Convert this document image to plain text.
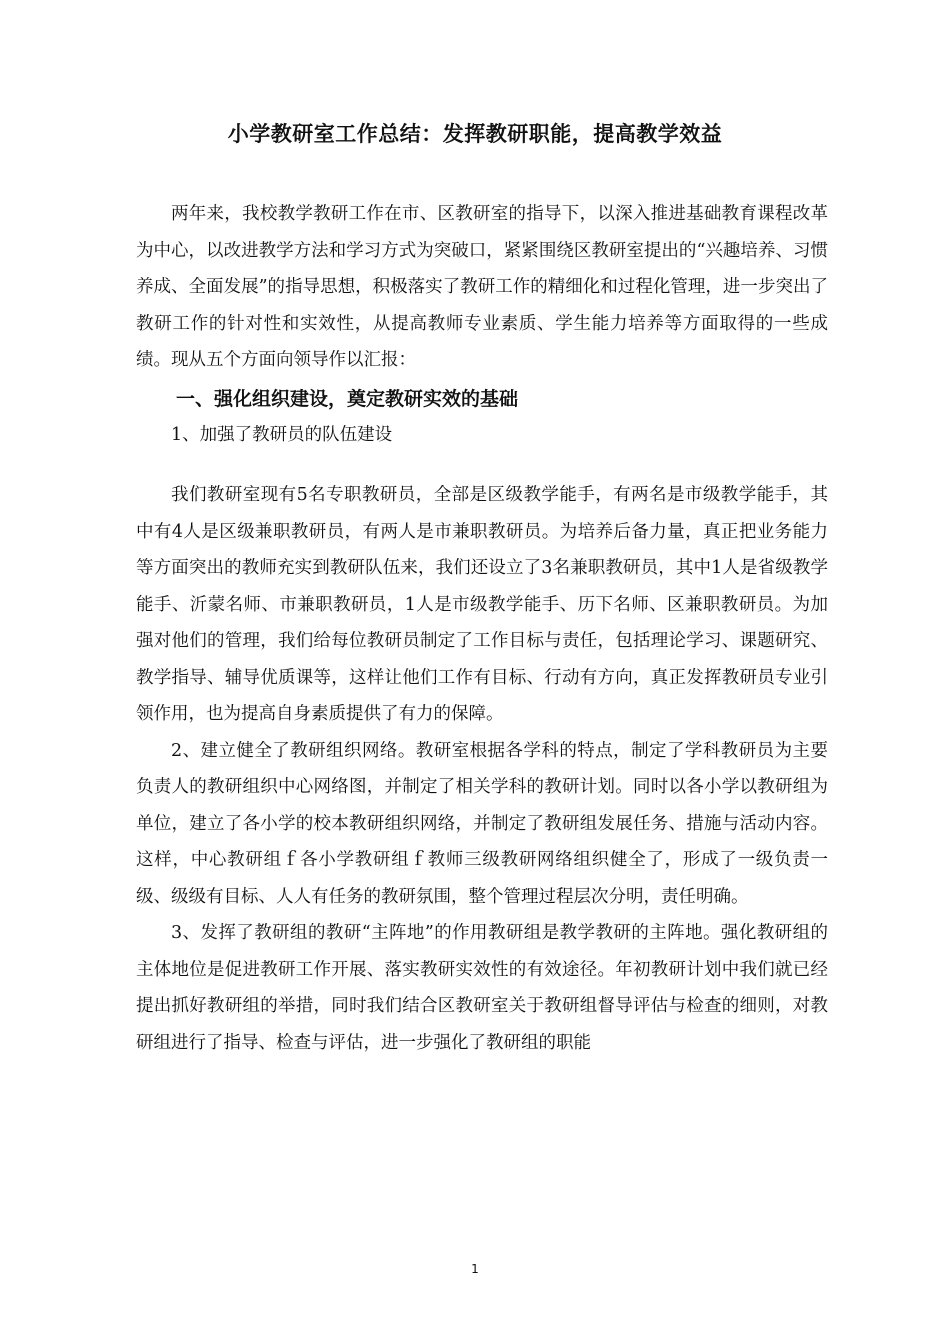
小学教研室工作总结：发挥教研职能，提高教学效益

两年来，我校教学教研工作在市、区教研室的指导下，以深入推进基础教育课程改革为中心，以改进教学方法和学习方式为突破口，紧紧围绕区教研室提出的“兴趣培养、习惯养成、全面发展”的指导思想，积极落实了教研工作的精细化和过程化管理，进一步突出了教研工作的针对性和实效性，从提高教师专业素质、学生能力培养等方面取得的一些成绩。现从五个方面向领导作以汇报：

一、强化组织建设，奠定教研实效的基础

1、加强了教研员的队伍建设

我们教研室现有5名专职教研员，全部是区级教学能手，有两名是市级教学能手，其中有4人是区级兼职教研员，有两人是市兼职教研员。为培养后备力量，真正把业务能力等方面突出的教师充实到教研队伍来，我们还设立了3名兼职教研员，其中1人是省级教学能手、沂蒙名师、市兼职教研员，1人是市级教学能手、历下名师、区兼职教研员。为加强对他们的管理，我们给每位教研员制定了工作目标与责任，包括理论学习、课题研究、教学指导、辅导优质课等，这样让他们工作有目标、行动有方向，真正发挥教研员专业引领作用，也为提高自身素质提供了有力的保障。

2、建立健全了教研组织网络。教研室根据各学科的特点，制定了学科教研员为主要负责人的教研组织中心网络图，并制定了相关学科的教研计划。同时以各小学以教研组为单位，建立了各小学的校本教研组织网络，并制定了教研组发展任务、措施与活动内容。这样，中心教研组ｆ各小学教研组ｆ教师三级教研网络组织健全了，形成了一级负责一级、级级有目标、人人有任务的教研氛围，整个管理过程层次分明，责任明确。

3、发挥了教研组的教研“主阵地”的作用教研组是教学教研的主阵地。强化教研组的主体地位是促进教研工作开展、落实教研实效性的有效途径。年初教研计划中我们就已经提出抓好教研组的举措，同时我们结合区教研室关于教研组督导评估与检查的细则，对教研组进行了指导、检查与评估，进一步强化了教研组的职能

1
